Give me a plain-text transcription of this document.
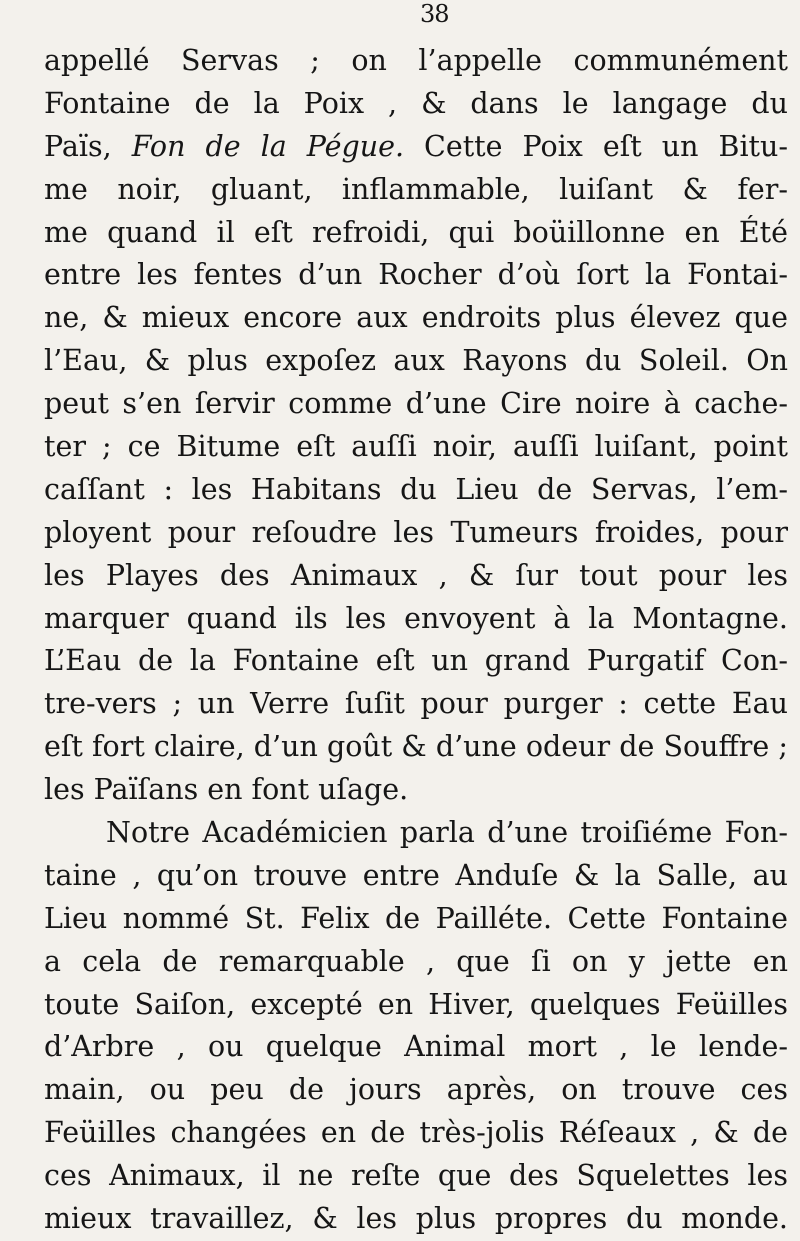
38
appellé Servas ; on l’appelle communément
Fontaine de la Poix , & dans le langage du
Païs, Fon de la Pégue. Cette Poix eſt un Bitu-
me noir, gluant, inflammable, luiſant & fer-
me quand il eſt refroidi, qui boüillonne en Été
entre les fentes d’un Rocher d’où ſort la Fontai-
ne, & mieux encore aux endroits plus élevez que
l’Eau, & plus expoſez aux Rayons du Soleil. On
peut s’en ſervir comme d’une Cire noire à cache-
ter ; ce Bitume eſt auſſi noir, auſſi luiſant, point
caſſant : les Habitans du Lieu de Servas, l’em-
ployent pour reſoudre les Tumeurs froides, pour
les Playes des Animaux , & ſur tout pour les
marquer quand ils les envoyent à la Montagne.
L’Eau de la Fontaine eſt un grand Purgatif Con-
tre-vers ; un Verre ſuſit pour purger : cette Eau
eſt fort claire, d’un goût & d’une odeur de Souffre ;
les Païſans en font uſage.
Notre Académicien parla d’une troiſiéme Fon-
taine , qu’on trouve entre Anduſe & la Salle, au
Lieu nommé St. Felix de Pailléte. Cette Fontaine
a cela de remarquable , que ſi on y jette en
toute Saiſon, excepté en Hiver, quelques Feüilles
d’Arbre , ou quelque Animal mort , le lende-
main, ou peu de jours après, on trouve ces
Feüilles changées en de très-jolis Réſeaux , & de
ces Animaux, il ne reſte que des Squelettes les
mieux travaillez, & les plus propres du monde.
